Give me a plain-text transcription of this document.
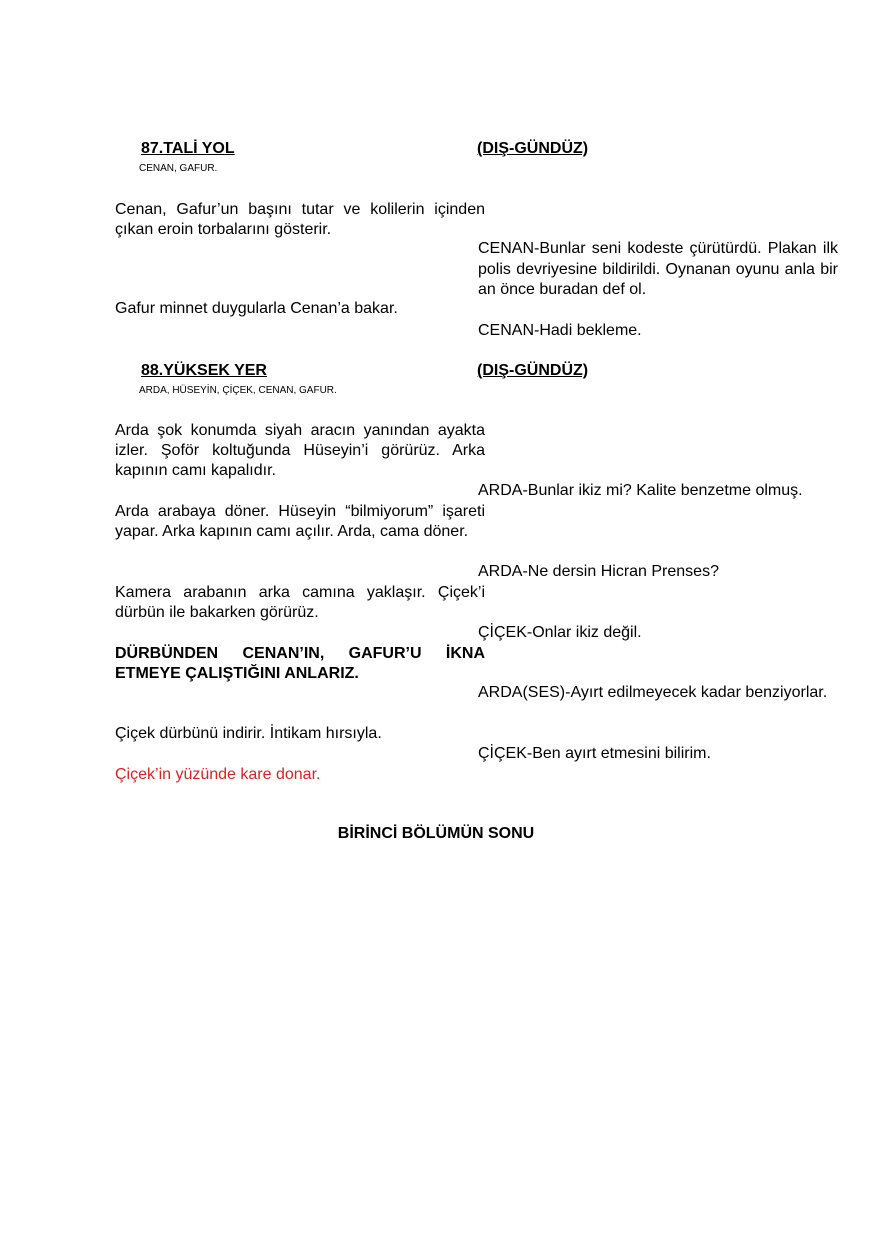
87.TALİ YOL	(DIŞ-GÜNDÜZ)
CENAN, GAFUR.

Cenan, Gafur’un başını tutar ve kolilerin içinden çıkan eroin torbalarını gösterir.

CENAN-Bunlar seni kodeste çürütürdü. Plakan ilk polis devriyesine bildirildi. Oynanan oyunu anla bir an önce buradan def ol.

Gafur minnet duygularla Cenan’a bakar.

CENAN-Hadi bekleme.

88.YÜKSEK YER	(DIŞ-GÜNDÜZ)
ARDA, HÜSEYİN, ÇİÇEK, CENAN, GAFUR.

Arda şok konumda siyah aracın yanından ayakta izler. Şoför koltuğunda Hüseyin’i görürüz. Arka kapının camı kapalıdır.

ARDA-Bunlar ikiz mi? Kalite benzetme olmuş.

Arda arabaya döner. Hüseyin “bilmiyorum” işareti yapar. Arka kapının camı açılır. Arda, cama döner.

ARDA-Ne dersin Hicran Prenses?

Kamera arabanın arka camına yaklaşır. Çiçek’i dürbün ile bakarken görürüz.

ÇİÇEK-Onlar ikiz değil.

DÜRBÜNDEN CENAN’IN, GAFUR’U İKNA ETMEYE ÇALIŞTIĞINI ANLARIZ.

ARDA(SES)-Ayırt edilmeyecek kadar benziyorlar.

Çiçek dürbünü indirir. İntikam hırsıyla.

ÇİÇEK-Ben ayırt etmesini bilirim.

Çiçek’in yüzünde kare donar.

BİRİNCİ BÖLÜMÜN SONU
